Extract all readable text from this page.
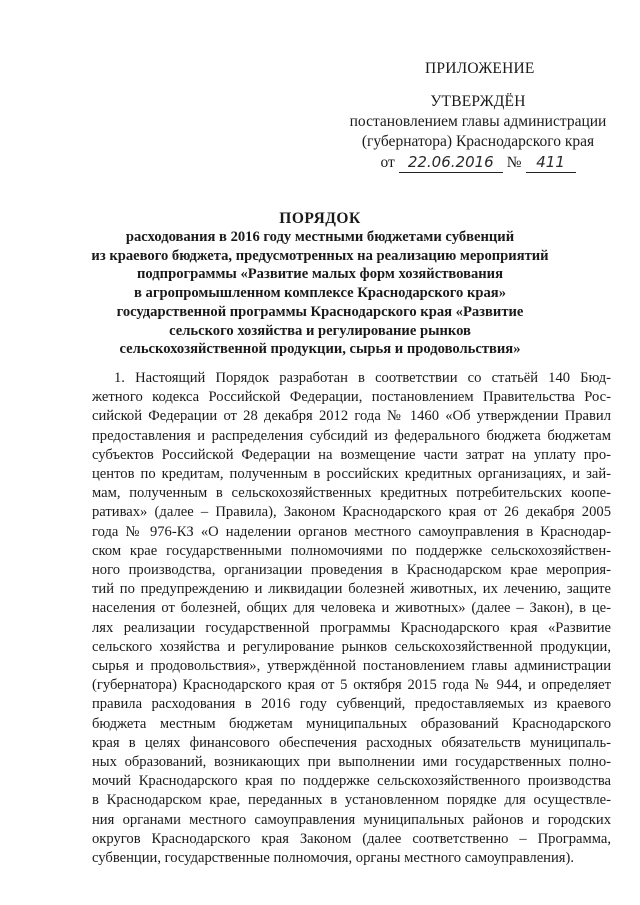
ПРИЛОЖЕНИЕ
УТВЕРЖДЁН
постановлением главы администрации
(губернатора) Краснодарского края
от 22.06.2016 № 411
ПОРЯДОК
расходования в 2016 году местными бюджетами субвенций
из краевого бюджета, предусмотренных на реализацию мероприятий
подпрограммы «Развитие малых форм хозяйствования
в агропромышленном комплексе Краснодарского края»
государственной программы Краснодарского края «Развитие
сельского хозяйства и регулирование рынков
сельскохозяйственной продукции, сырья и продовольствия»
1. Настоящий Порядок разработан в соответствии со статьёй 140 Бюд-
жетного кодекса Российской Федерации, постановлением Правительства Рос-
сийской Федерации от 28 декабря 2012 года № 1460 «Об утверждении Правил
предоставления и распределения субсидий из федерального бюджета бюджетам
субъектов Российской Федерации на возмещение части затрат на уплату про-
центов по кредитам, полученным в российских кредитных организациях, и зай-
мам, полученным в сельскохозяйственных кредитных потребительских коопе-
ративах» (далее – Правила), Законом Краснодарского края от 26 декабря 2005
года № 976-КЗ «О наделении органов местного самоуправления в Краснодар-
ском крае государственными полномочиями по поддержке сельскохозяйствен-
ного производства, организации проведения в Краснодарском крае мероприя-
тий по предупреждению и ликвидации болезней животных, их лечению, защите
населения от болезней, общих для человека и животных» (далее – Закон), в це-
лях реализации государственной программы Краснодарского края «Развитие
сельского хозяйства и регулирование рынков сельскохозяйственной продукции,
сырья и продовольствия», утверждённой постановлением главы администрации
(губернатора) Краснодарского края от 5 октября 2015 года № 944, и определяет
правила расходования в 2016 году субвенций, предоставляемых из краевого
бюджета местным бюджетам муниципальных образований Краснодарского
края в целях финансового обеспечения расходных обязательств муниципаль-
ных образований, возникающих при выполнении ими государственных полно-
мочий Краснодарского края по поддержке сельскохозяйственного производства
в Краснодарском крае, переданных в установленном порядке для осуществле-
ния органами местного самоуправления муниципальных районов и городских
округов Краснодарского края Законом (далее соответственно – Программа,
субвенции, государственные полномочия, органы местного самоуправления).
